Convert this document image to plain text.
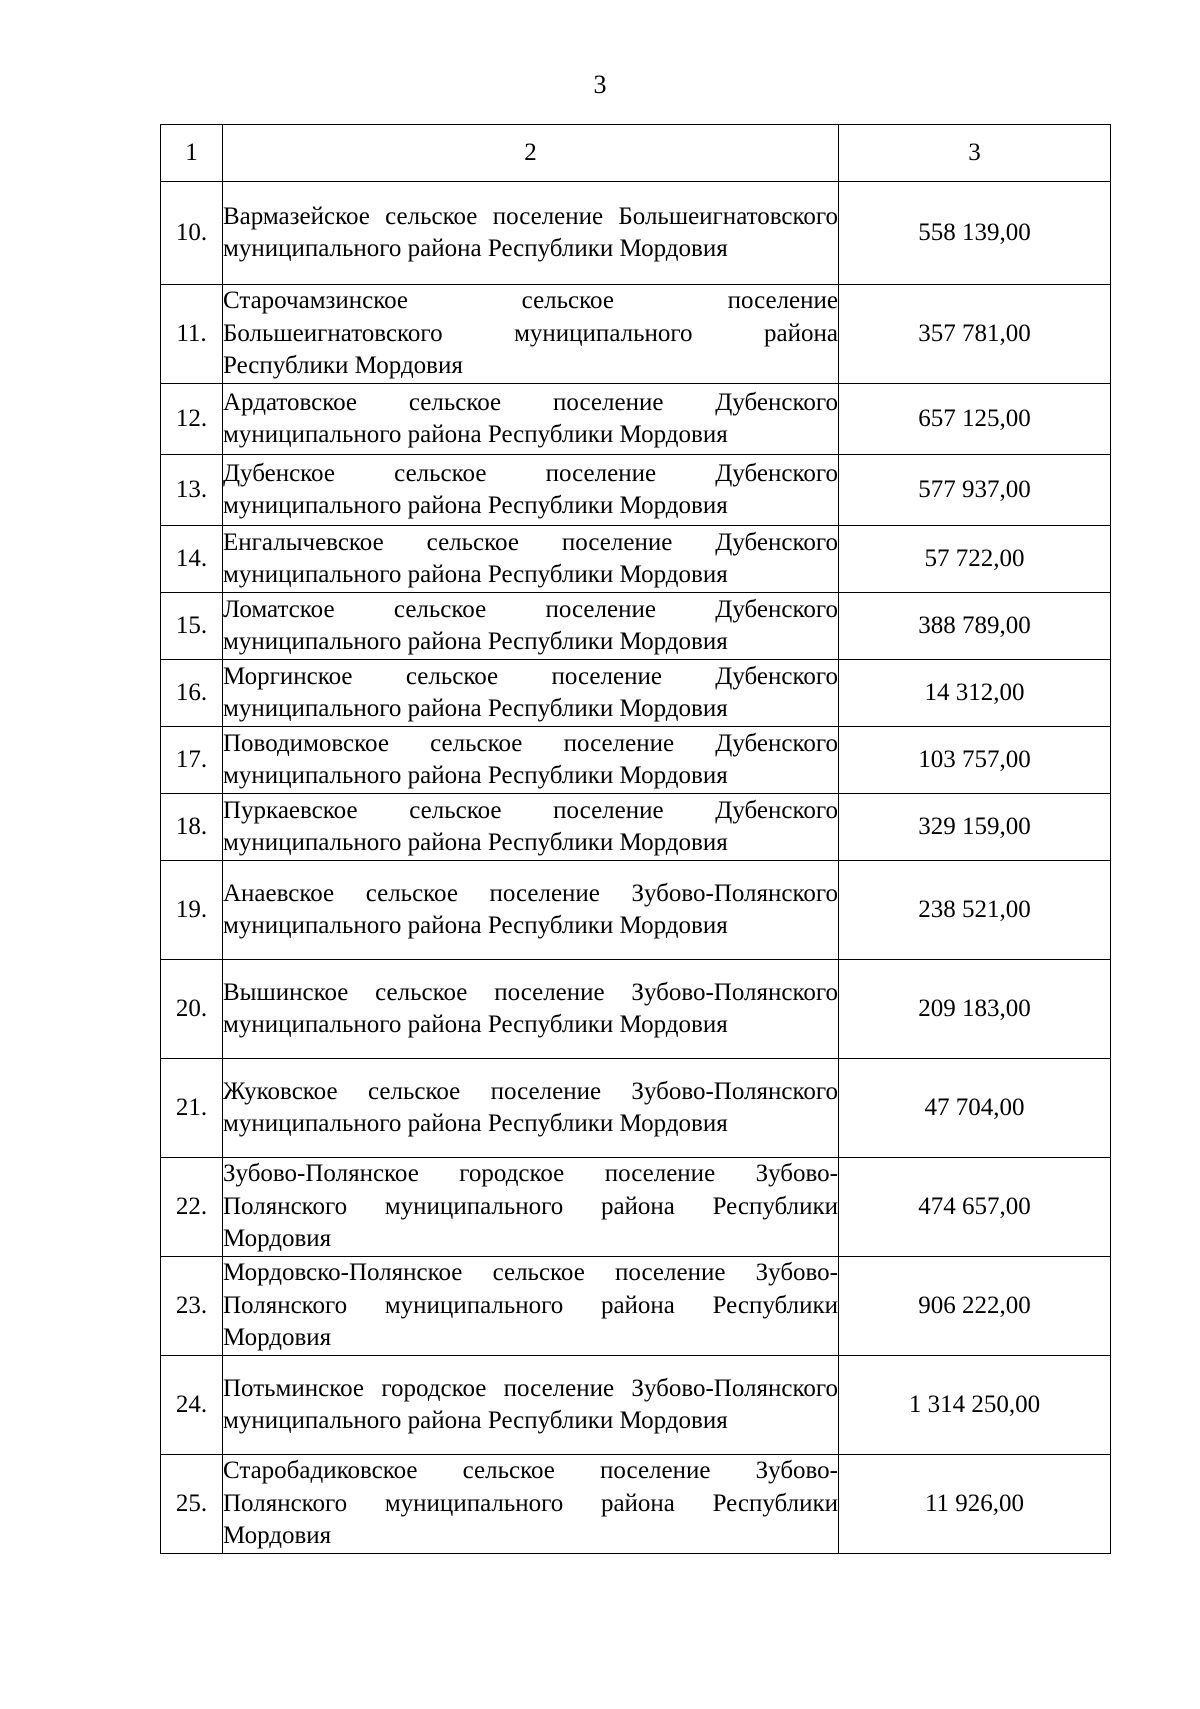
3
1	2	3
10.	Вармазейское сельское поселение Большеигнатовского муниципального района Республики Мордовия	558 139,00
11.	Старочамзинское сельское поселение Большеигнатовского муниципального района Республики Мордовия	357 781,00
12.	Ардатовское сельское поселение Дубенского муниципального района Республики Мордовия	657 125,00
13.	Дубенское сельское поселение Дубенского муниципального района Республики Мордовия	577 937,00
14.	Енгалычевское сельское поселение Дубенского муниципального района Республики Мордовия	57 722,00
15.	Ломатское сельское поселение Дубенского муниципального района Республики Мордовия	388 789,00
16.	Моргинское сельское поселение Дубенского муниципального района Республики Мордовия	14 312,00
17.	Поводимовское сельское поселение Дубенского муниципального района Республики Мордовия	103 757,00
18.	Пуркаевское сельское поселение Дубенского муниципального района Республики Мордовия	329 159,00
19.	Анаевское сельское поселение Зубово-Полянского муниципального района Республики Мордовия	238 521,00
20.	Вышинское сельское поселение Зубово-Полянского муниципального района Республики Мордовия	209 183,00
21.	Жуковское сельское поселение Зубово-Полянского муниципального района Республики Мордовия	47 704,00
22.	Зубово-Полянское городское поселение Зубово-Полянского муниципального района Республики Мордовия	474 657,00
23.	Мордовско-Полянское сельское поселение Зубово-Полянского муниципального района Республики Мордовия	906 222,00
24.	Потьминское городское поселение Зубово-Полянского муниципального района Республики Мордовия	1 314 250,00
25.	Старобадиковское сельское поселение Зубово-Полянского муниципального района Республики Мордовия	11 926,00
